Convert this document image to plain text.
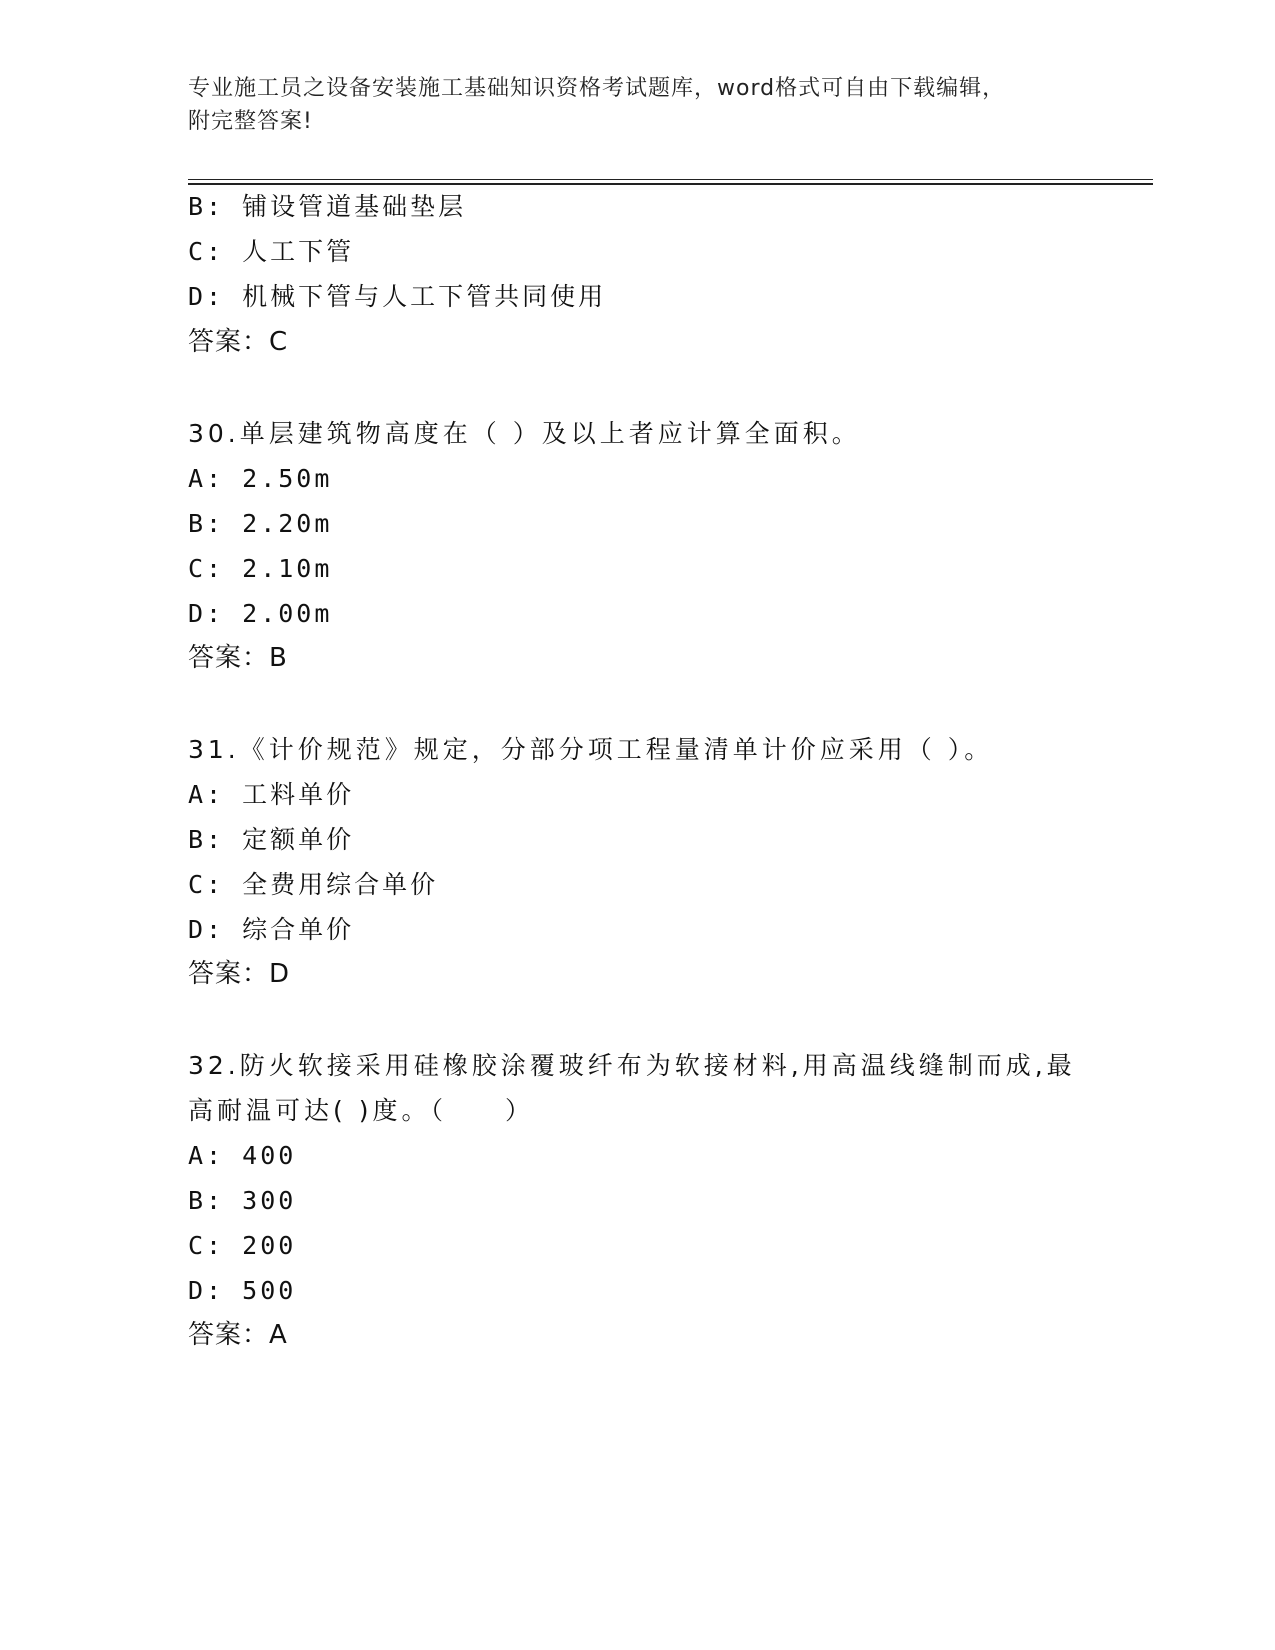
专业施工员之设备安装施工基础知识资格考试题库，word格式可自由下载编辑，
附完整答案!
B: 铺设管道基础垫层
C: 人工下管
D: 机械下管与人工下管共同使用
答案：C
30.单层建筑物高度在（ ）及以上者应计算全面积。
A: 2.50m
B: 2.20m
C: 2.10m
D: 2.00m
答案：B
31.《计价规范》规定，分部分项工程量清单计价应采用（ ）。
A: 工料单价
B: 定额单价
C: 全费用综合单价
D: 综合单价
答案：D
32.防火软接采用硅橡胶涂覆玻纤布为软接材料,用高温线缝制而成,最
高耐温可达( )度。（　　）
A: 400
B: 300
C: 200
D: 500
答案：A
